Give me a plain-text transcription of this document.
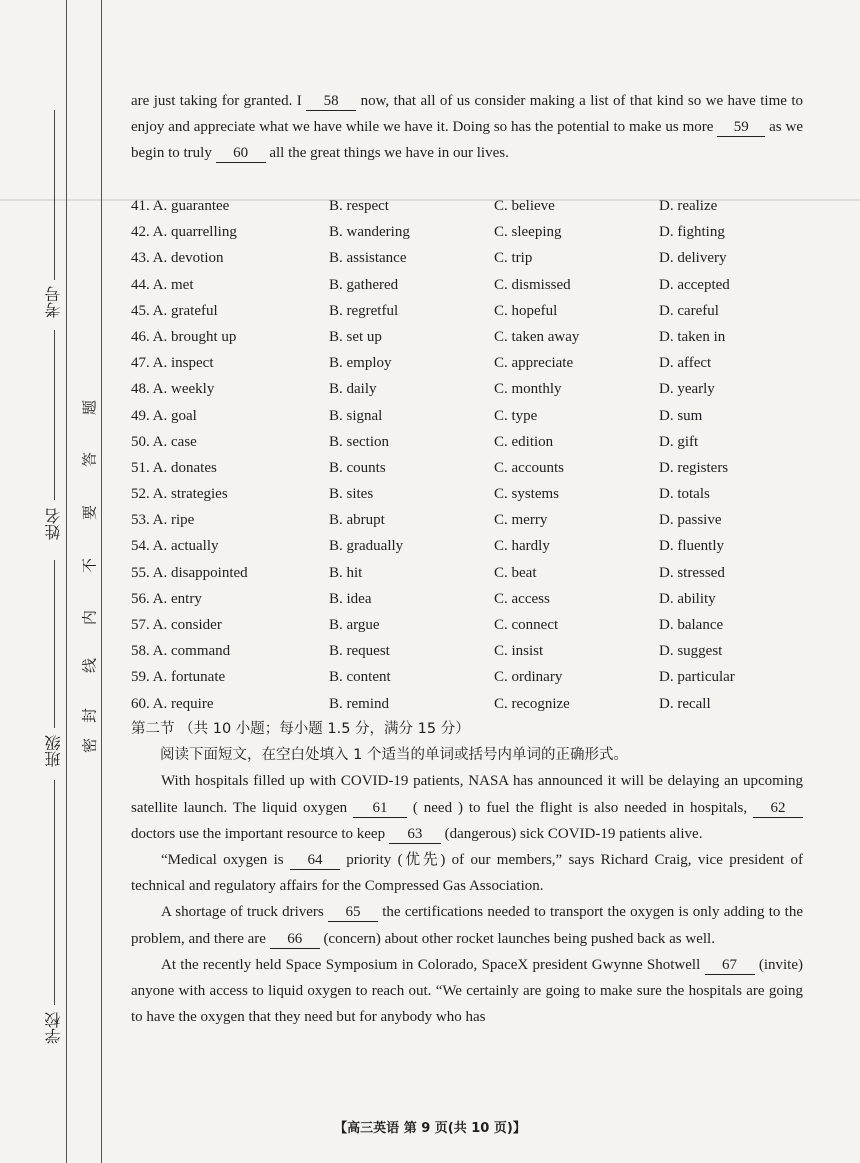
考号
姓名
班级
学校
密
封
线
内
不
要
答
题
are just taking for granted. I 58 now, that all of us consider making a list of that kind so we have time to enjoy and appreciate what we have while we have it. Doing so has the potential to make us more 59 as we begin to truly 60 all the great things we have in our lives.
41. A. guarantee	B. respect	C. believe	D. realize
42. A. quarrelling	B. wandering	C. sleeping	D. fighting
43. A. devotion	B. assistance	C. trip	D. delivery
44. A. met	B. gathered	C. dismissed	D. accepted
45. A. grateful	B. regretful	C. hopeful	D. careful
46. A. brought up	B. set up	C. taken away	D. taken in
47. A. inspect	B. employ	C. appreciate	D. affect
48. A. weekly	B. daily	C. monthly	D. yearly
49. A. goal	B. signal	C. type	D. sum
50. A. case	B. section	C. edition	D. gift
51. A. donates	B. counts	C. accounts	D. registers
52. A. strategies	B. sites	C. systems	D. totals
53. A. ripe	B. abrupt	C. merry	D. passive
54. A. actually	B. gradually	C. hardly	D. fluently
55. A. disappointed	B. hit	C. beat	D. stressed
56. A. entry	B. idea	C. access	D. ability
57. A. consider	B. argue	C. connect	D. balance
58. A. command	B. request	C. insist	D. suggest
59. A. fortunate	B. content	C. ordinary	D. particular
60. A. require	B. remind	C. recognize	D. recall
第二节 （共 10 小题；每小题 1.5 分，满分 15 分）
阅读下面短文，在空白处填入 1 个适当的单词或括号内单词的正确形式。
With hospitals filled up with COVID-19 patients, NASA has announced it will be delaying an upcoming satellite launch. The liquid oxygen 61 ( need ) to fuel the flight is also needed in hospitals, 62 doctors use the important resource to keep 63 (dangerous) sick COVID-19 patients alive.
“Medical oxygen is 64 priority (优先) of our members,” says Richard Craig, vice president of technical and regulatory affairs for the Compressed Gas Association.
A shortage of truck drivers 65 the certifications needed to transport the oxygen is only adding to the problem, and there are 66 (concern) about other rocket launches being pushed back as well.
At the recently held Space Symposium in Colorado, SpaceX president Gwynne Shotwell 67 (invite) anyone with access to liquid oxygen to reach out. “We certainly are going to make sure the hospitals are going to have the oxygen that they need but for anybody who has
【高三英语 第 9 页(共 10 页)】
